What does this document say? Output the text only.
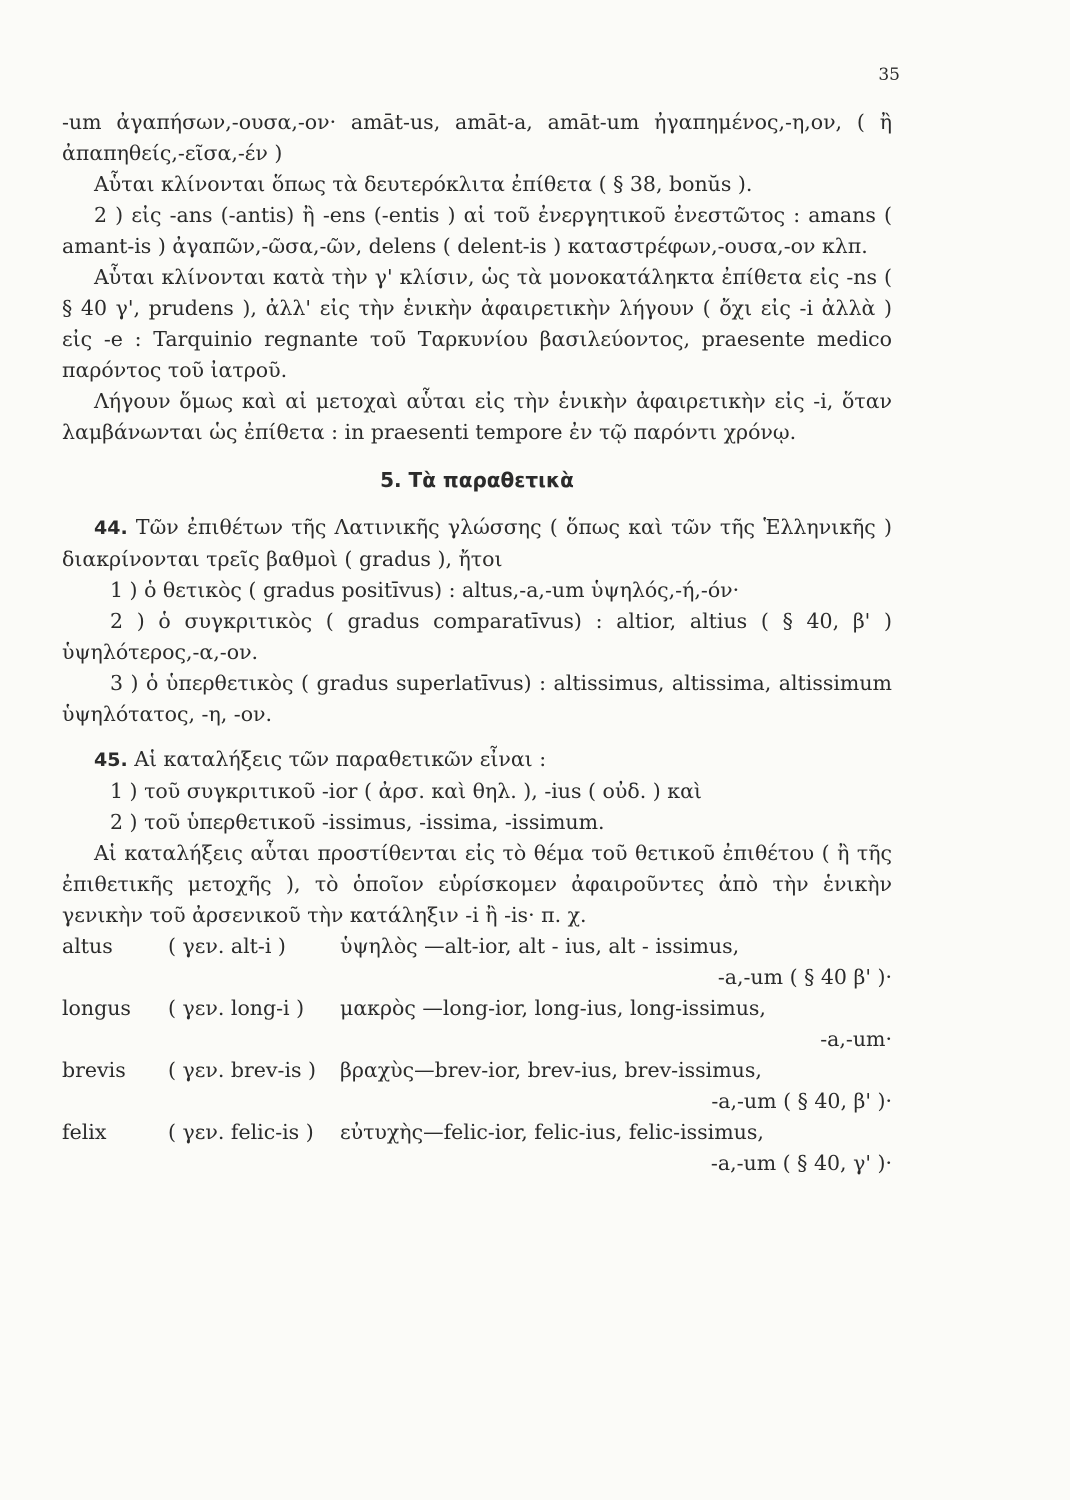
35

-um ἀγαπήσων,-ουσα,-ον· amāt-us, amāt-a, amāt-um ἠγαπημένος,-η,ον, ( ἢ ἀπαπηθείς,-εῖσα,-έν )

Αὗται κλίνονται ὅπως τὰ δευτερόκλιτα ἐπίθετα ( § 38, bonŭs ).

2 ) εἰς -ans (-antis) ἢ -ens (-entis ) αἱ τοῦ ἐνεργητικοῦ ἐνεστῶτος : amans ( amant-is ) ἀγαπῶν,-ῶσα,-ῶν, delens ( delent-is ) καταστρέφων,-ουσα,-ον κλπ.

Αὗται κλίνονται κατὰ τὴν γ' κλίσιν, ὡς τὰ μονοκατάληκτα ἐπίθετα εἰς -ns ( § 40 γ', prudens ), ἀλλ' εἰς τὴν ἑνικὴν ἀφαιρετικὴν λήγουν ( ὄχι εἰς -i ἀλλὰ ) εἰς -e : Tarquinio regnante τοῦ Ταρκυνίου βασιλεύοντος, praesente medico παρόντος τοῦ ἰατροῦ.

Λήγουν ὅμως καὶ αἱ μετοχαὶ αὗται εἰς τὴν ἑνικὴν ἀφαιρετικὴν εἰς -i, ὅταν λαμβάνωνται ὡς ἐπίθετα : in praesenti tempore ἐν τῷ παρόντι χρόνῳ.

5. Τὰ παραθετικὰ

44. Τῶν ἐπιθέτων τῆς Λατινικῆς γλώσσης ( ὅπως καὶ τῶν τῆς Ἑλληνικῆς ) διακρίνονται τρεῖς βαθμοὶ ( gradus ), ἤτοι

1 ) ὁ θετικὸς ( gradus positīvus) : altus,-a,-um ὑψηλός,-ή,-όν·

2 ) ὁ συγκριτικὸς ( gradus comparatīvus) : altior, altius ( § 40, β' ) ὑψηλότερος,-α,-ον.

3 ) ὁ ὑπερθετικὸς ( gradus superlatīvus) : altissimus, altissima, altissimum ὑψηλότατος, -η, -ον.

45. Αἱ καταλήξεις τῶν παραθετικῶν εἶναι :

1 ) τοῦ συγκριτικοῦ -ior ( ἀρσ. καὶ θηλ. ), -ius ( οὐδ. ) καὶ

2 ) τοῦ ὑπερθετικοῦ -issimus, -issima, -issimum.

Αἱ καταλήξεις αὗται προστίθενται εἰς τὸ θέμα τοῦ θετικοῦ ἐπιθέτου ( ἢ τῆς ἐπιθετικῆς μετοχῆς ), τὸ ὁποῖον εὑρίσκομεν ἀφαιροῦντες ἀπὸ τὴν ἑνικὴν γενικὴν τοῦ ἀρσενικοῦ τὴν κατάληξιν -i ἢ -is· π. χ.

altus	( γεν. alt-i )	ὑψηλὸς —alt-ior, alt - ius, alt - issimus,
-a,-um ( § 40 β' )·		
longus	( γεν. long-i )	μακρὸς —long-ior, long-ius, long-issimus,
-a,-um·		
brevis	( γεν. brev-is )	βραχὺς—brev-ior, brev-ius, brev-issimus,
-a,-um ( § 40, β' )·		
felix	( γεν. felic-is )	εὐτυχὴς—felic-ior, felic-ius, felic-issimus,
-a,-um ( § 40, γ' )·		
